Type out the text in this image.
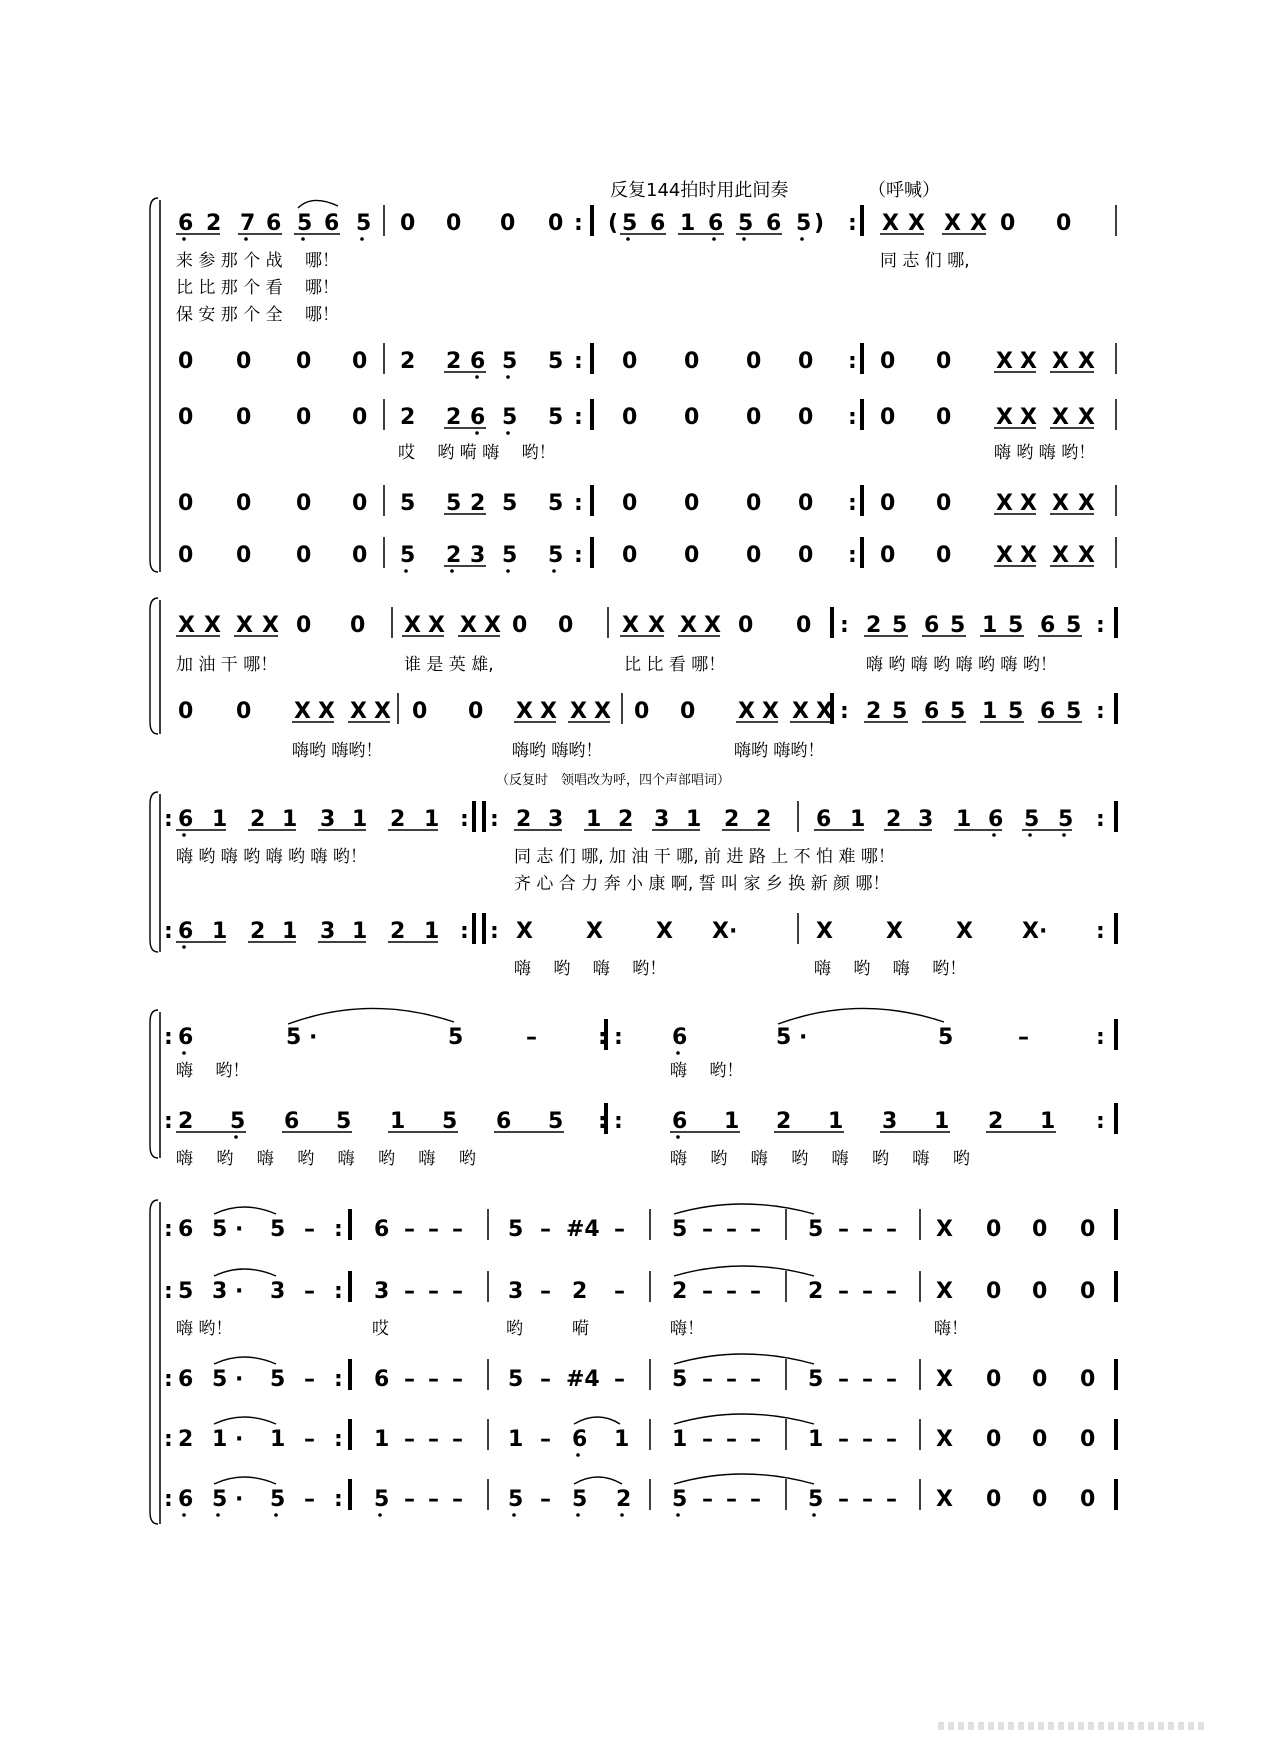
反复144拍时用此间奏	（呼喊）
6 2 7 6 5 6 5 0 0 0 0 : ( 5 6 1 6 5 6 5 ) : X X X X 0 0
来 参 那 个 战　 哪！
比 比 那 个 看　 哪！
保 安 那 个 全　 哪！
同 志 们 哪,
0 0 0 0 2 2 6 5 5 : 0 0 0 0 : 0 0 X X X X
0 0 0 0 2 2 6 5 5 : 0 0 0 0 : 0 0 X X X X
哎　 哟 嗬 嗨　 哟！	嗨 哟 嗨 哟！
0 0 0 0 5 5 2 5 5 : 0 0 0 0 : 0 0 X X X X
0 0 0 0 5 2 3 5 5 : 0 0 0 0 : 0 0 X X X X
X X X X 0 0 X X X X 0 0 X X X X 0 0 : 2 5 6 5 1 5 6 5 :
加 油 干 哪！	谁 是 英 雄,	比 比 看 哪！	嗨 哟 嗨 哟 嗨 哟 嗨 哟！
0 0 X X X X 0 0 X X X X 0 0 X X X X : 2 5 6 5 1 5 6 5 :
嗨哟 嗨哟！	嗨哟 嗨哟！	嗨哟 嗨哟！
（反复时　领唱改为呼，四个声部唱词）
: 6 1 2 1 3 1 2 1 : : 2 3 1 2 3 1 2 2 6 1 2 3 1 6 5 5 :
嗨 哟 嗨 哟 嗨 哟 嗨 哟！	同 志 们 哪, 加 油 干 哪, 前 进 路 上 不 怕 难 哪！
齐 心 合 力 奔 小 康 啊, 誓 叫 家 乡 换 新 颜 哪！
: 6 1 2 1 3 1 2 1 : : X X X X·	X X X X· :
嗨　 哟　 嗨　 哟！	嗨　 哟　 嗨　 哟！
: 6	5 ·	5	–	: : 6	5 ·	5	–	:
嗨　 哟！	嗨　 哟！
: 2 5 6 5 1 5 6 5 : : 6 1 2 1 3 1 2 1 :
嗨 哟 嗨 哟 嗨 哟 嗨 哟	嗨 哟 嗨 哟 嗨 哟 嗨 哟
: 6 5 · 5 – : 6 – – – 5 – #4 – 5 – – – 5 – – – X 0 0 0
: 5 3 · 3 – : 3 – – – 3 – 2 – 2 – – – 2 – – – X 0 0 0
嗨 哟！	哎	哟	嗬	嗨！	嗨！
: 6 5 · 5 – : 6 – – – 5 – #4 – 5 – – – 5 – – – X 0 0 0
: 2 1 · 1 – : 1 – – – 1 – 6 1 1 – – – 1 – – – X 0 0 0
: 6 5 · 5 – : 5 – – – 5 – 5 2 5 – – – 5 – – – X 0 0 0
